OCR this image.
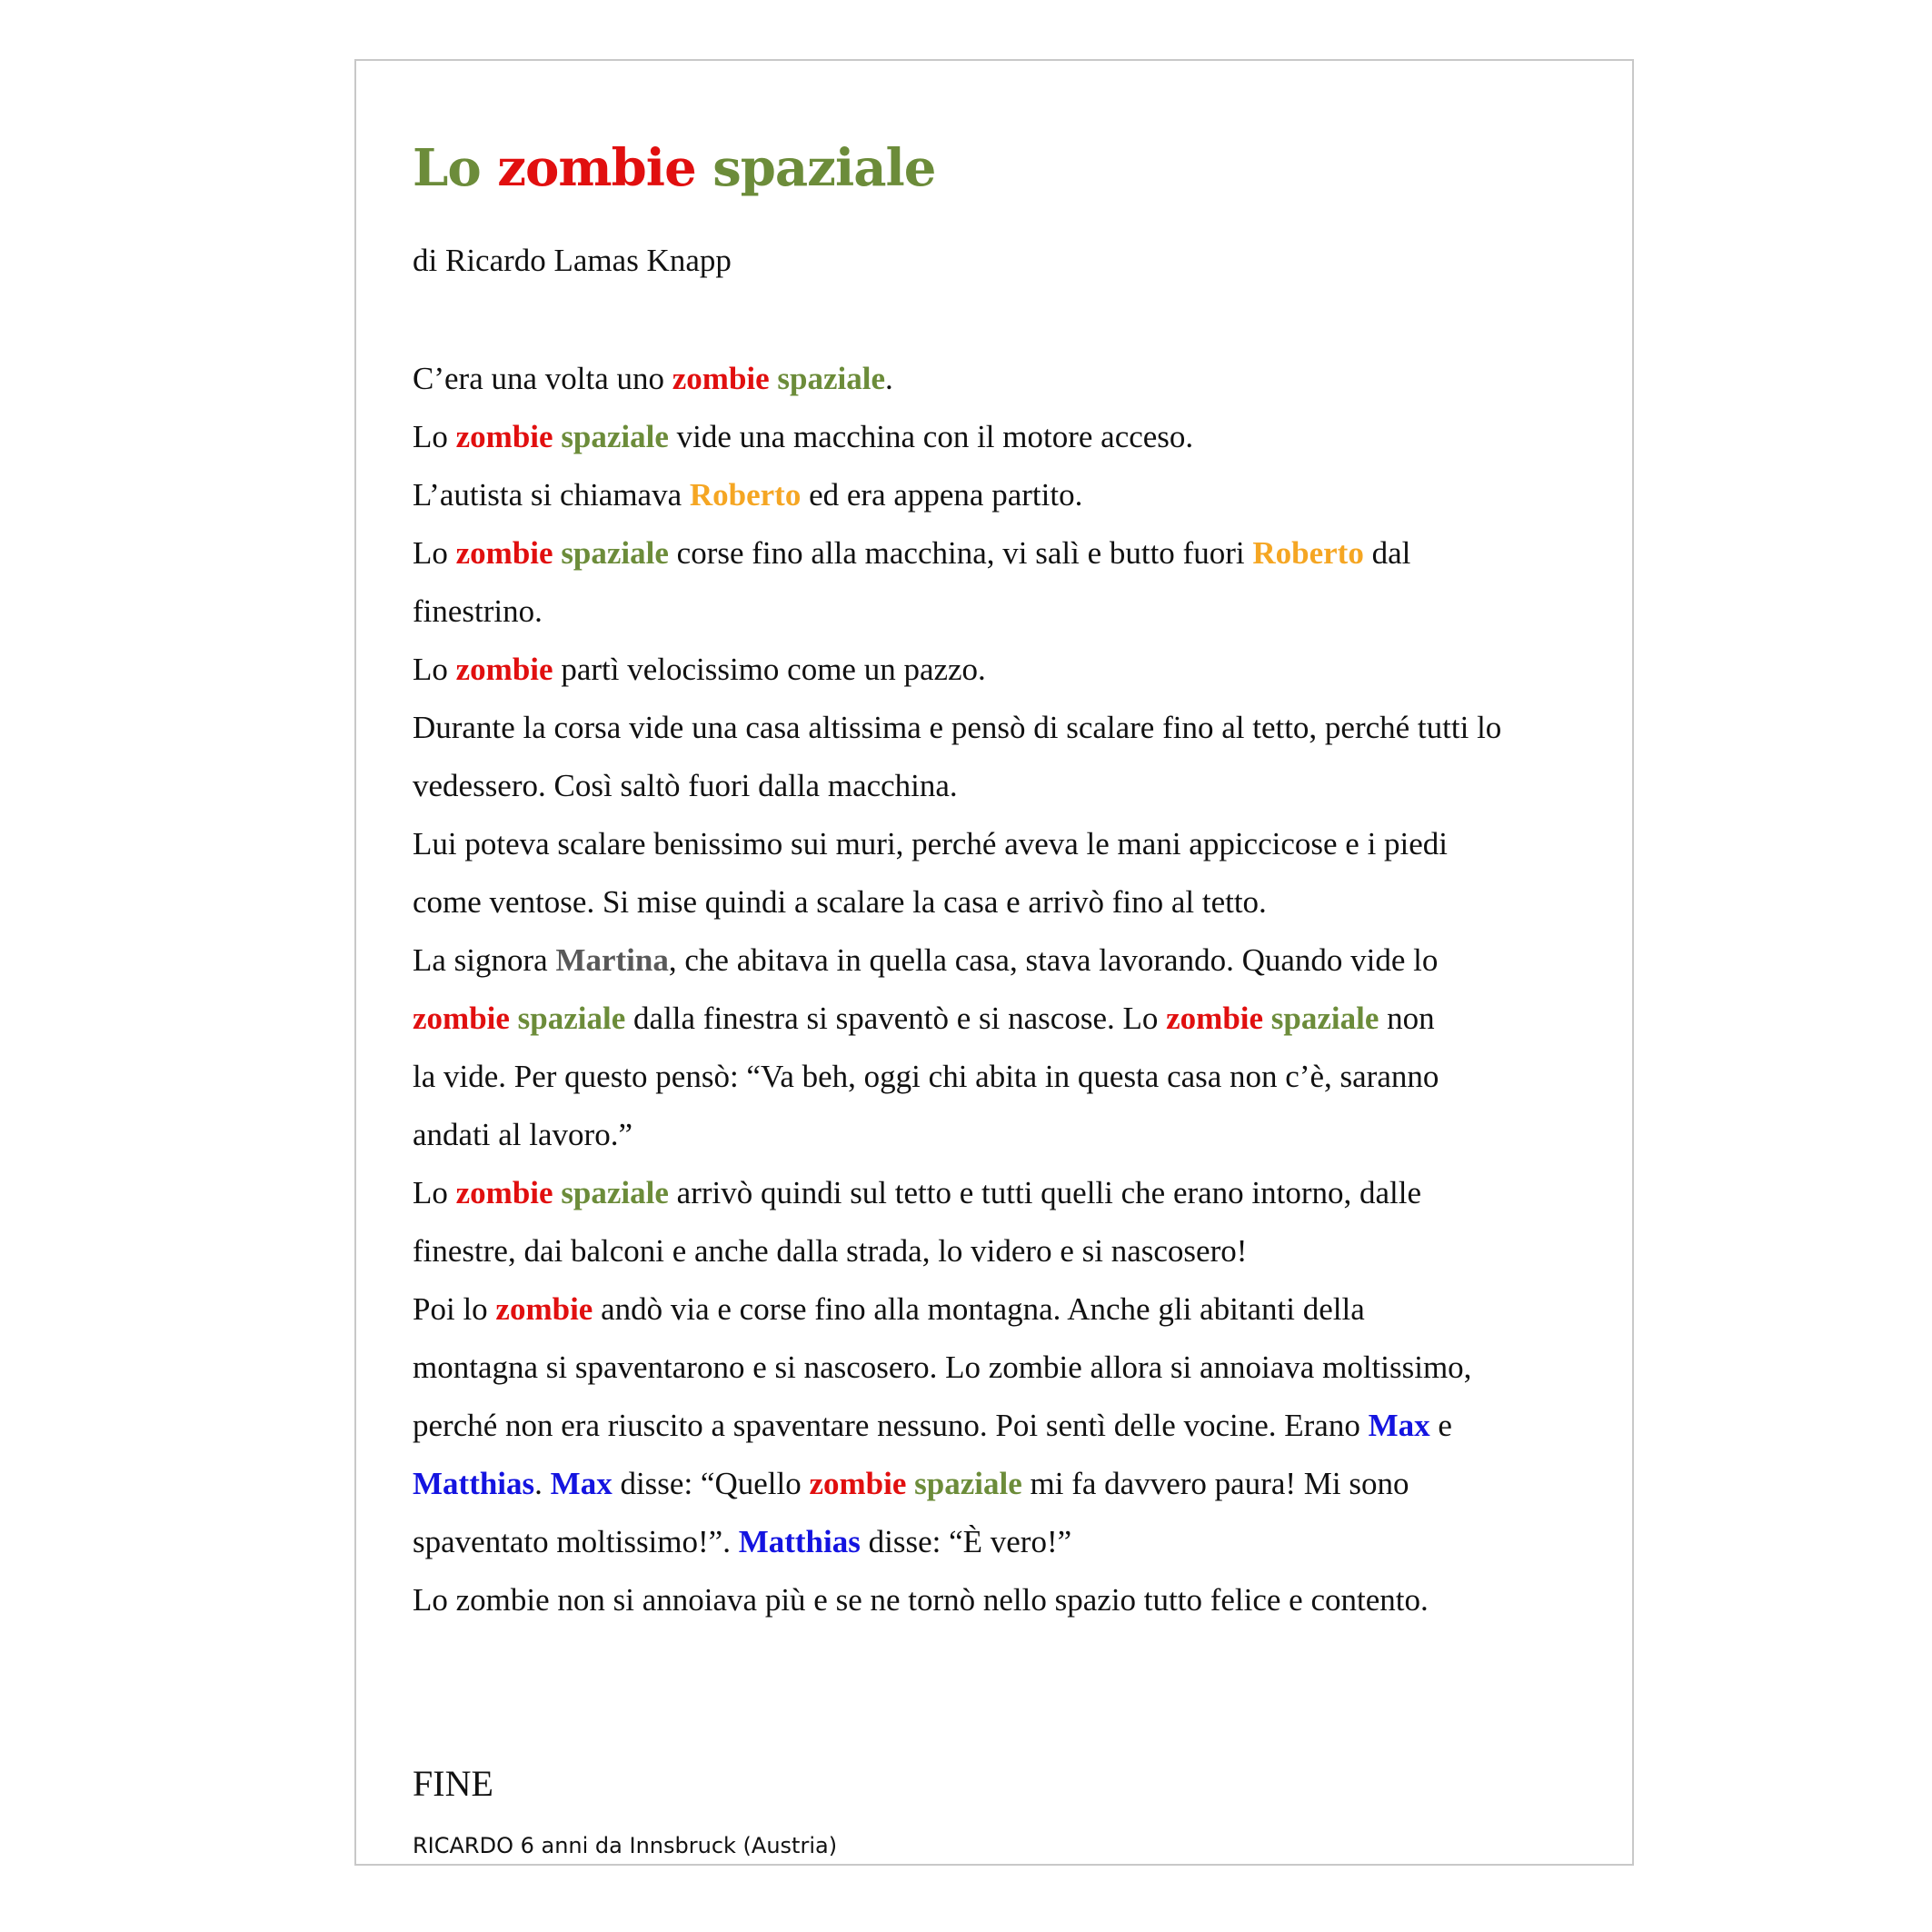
Lo zombie spaziale
di Ricardo Lamas Knapp
C’era una volta uno zombie spaziale.
Lo zombie spaziale vide una macchina con il motore acceso.
L’autista si chiamava Roberto ed era appena partito.
Lo zombie spaziale corse fino alla macchina, vi salì e butto fuori Roberto dal
finestrino.
Lo zombie partì velocissimo come un pazzo.
Durante la corsa vide una casa altissima e pensò di scalare fino al tetto, perché tutti lo
vedessero. Così saltò fuori dalla macchina.
Lui poteva scalare benissimo sui muri, perché aveva le mani appiccicose e i piedi
come ventose. Si mise quindi a scalare la casa e arrivò fino al tetto.
La signora Martina, che abitava in quella casa, stava lavorando. Quando vide lo
zombie spaziale dalla finestra si spaventò e si nascose. Lo zombie spaziale non
la vide. Per questo pensò: “Va beh, oggi chi abita in questa casa non c’è, saranno
andati al lavoro.”
Lo zombie spaziale arrivò quindi sul tetto e tutti quelli che erano intorno, dalle
finestre, dai balconi e anche dalla strada, lo videro e si nascosero!
Poi lo zombie andò via e corse fino alla montagna. Anche gli abitanti della
montagna si spaventarono e si nascosero. Lo zombie allora si annoiava moltissimo,
perché non era riuscito a spaventare nessuno. Poi sentì delle vocine. Erano Max e
Matthias. Max disse: “Quello zombie spaziale mi fa davvero paura! Mi sono
spaventato moltissimo!”. Matthias disse: “È vero!”
Lo zombie non si annoiava più e se ne tornò nello spazio tutto felice e contento.
FINE
RICARDO 6 anni da Innsbruck (Austria)
